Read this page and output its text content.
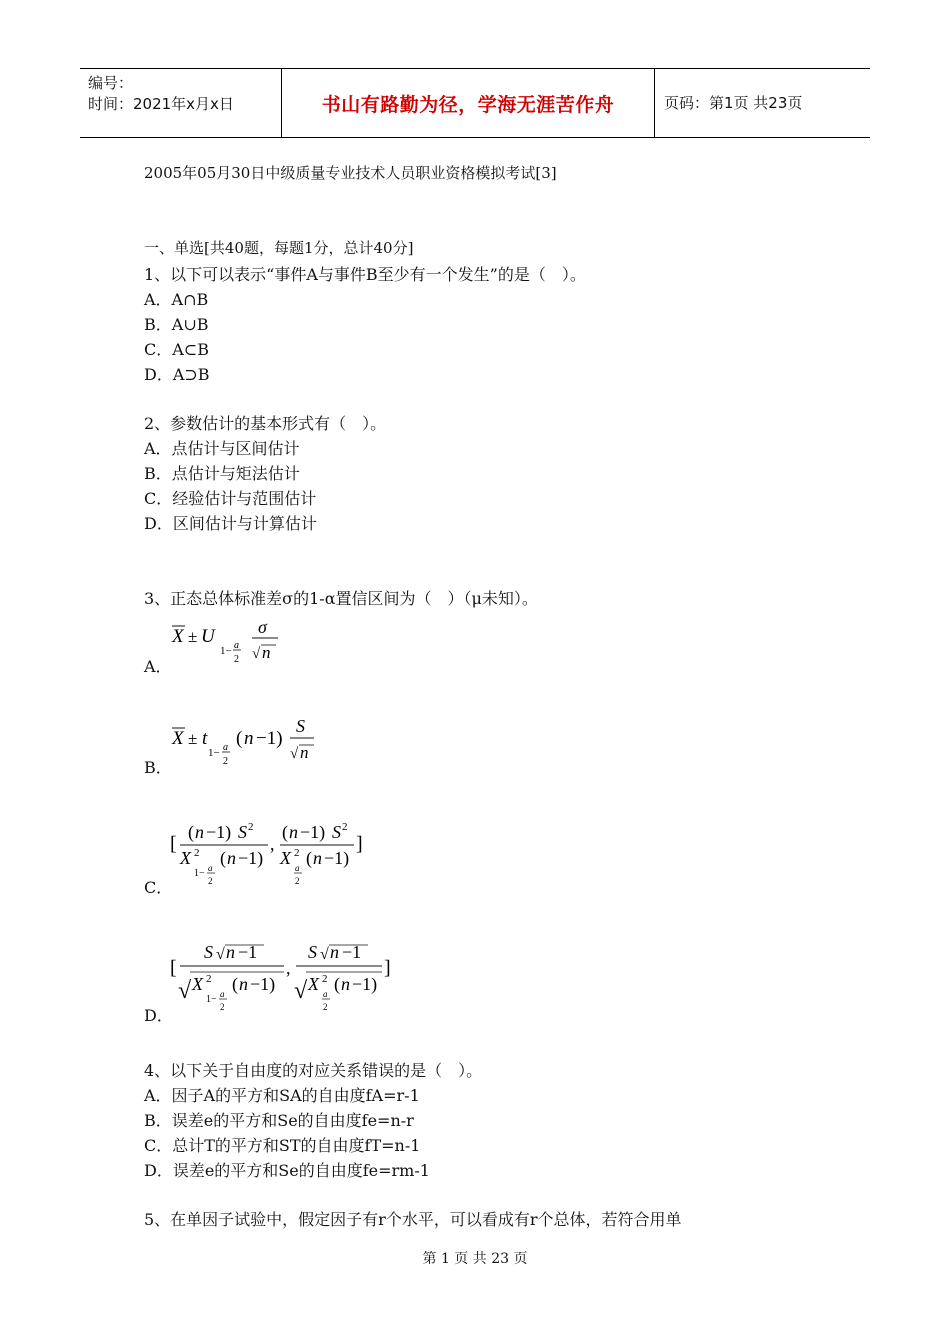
编号：
时间：2021年x月x日	书山有路勤为径，学海无涯苦作舟	页码：第1页 共23页
2005年05月30日中级质量专业技术人员职业资格模拟考试[3]
一、单选[共40题，每题1分，总计40分]
1、以下可以表示“事件A与事件B至少有一个发生”的是（　）。
A．A∩B
B．A∪B
C．A⊂B
D．A⊃B
2、参数估计的基本形式有（　）。
A．点估计与区间估计
B．点估计与矩法估计
C．经验估计与范围估计
D．区间估计与计算估计
3、正态总体标准差σ的1-α置信区间为（　）（μ未知）。
A．
X ± U
1− a
2
σ
√ n
B．
X ± t
1− a
2
( n −1)
S
√ n
C．
[
( n −1) S 2
X 2
1− a
2
( n −1)
,
( n −1) S 2
X 2
a
2
( n −1)
]
D．
[
S √ n −1
√ X 2
1− a
2
( n −1)
,
S √ n −1
√ X 2
a
2
( n −1)
]
4、以下关于自由度的对应关系错误的是（　）。
A．因子A的平方和SA的自由度fA=r-1
B．误差e的平方和Se的自由度fe=n-r
C．总计T的平方和ST的自由度fT=n-1
D．误差e的平方和Se的自由度fe=rm-1
5、在单因子试验中，假定因子有r个水平，可以看成有r个总体，若符合用单
第 1 页 共 23 页
